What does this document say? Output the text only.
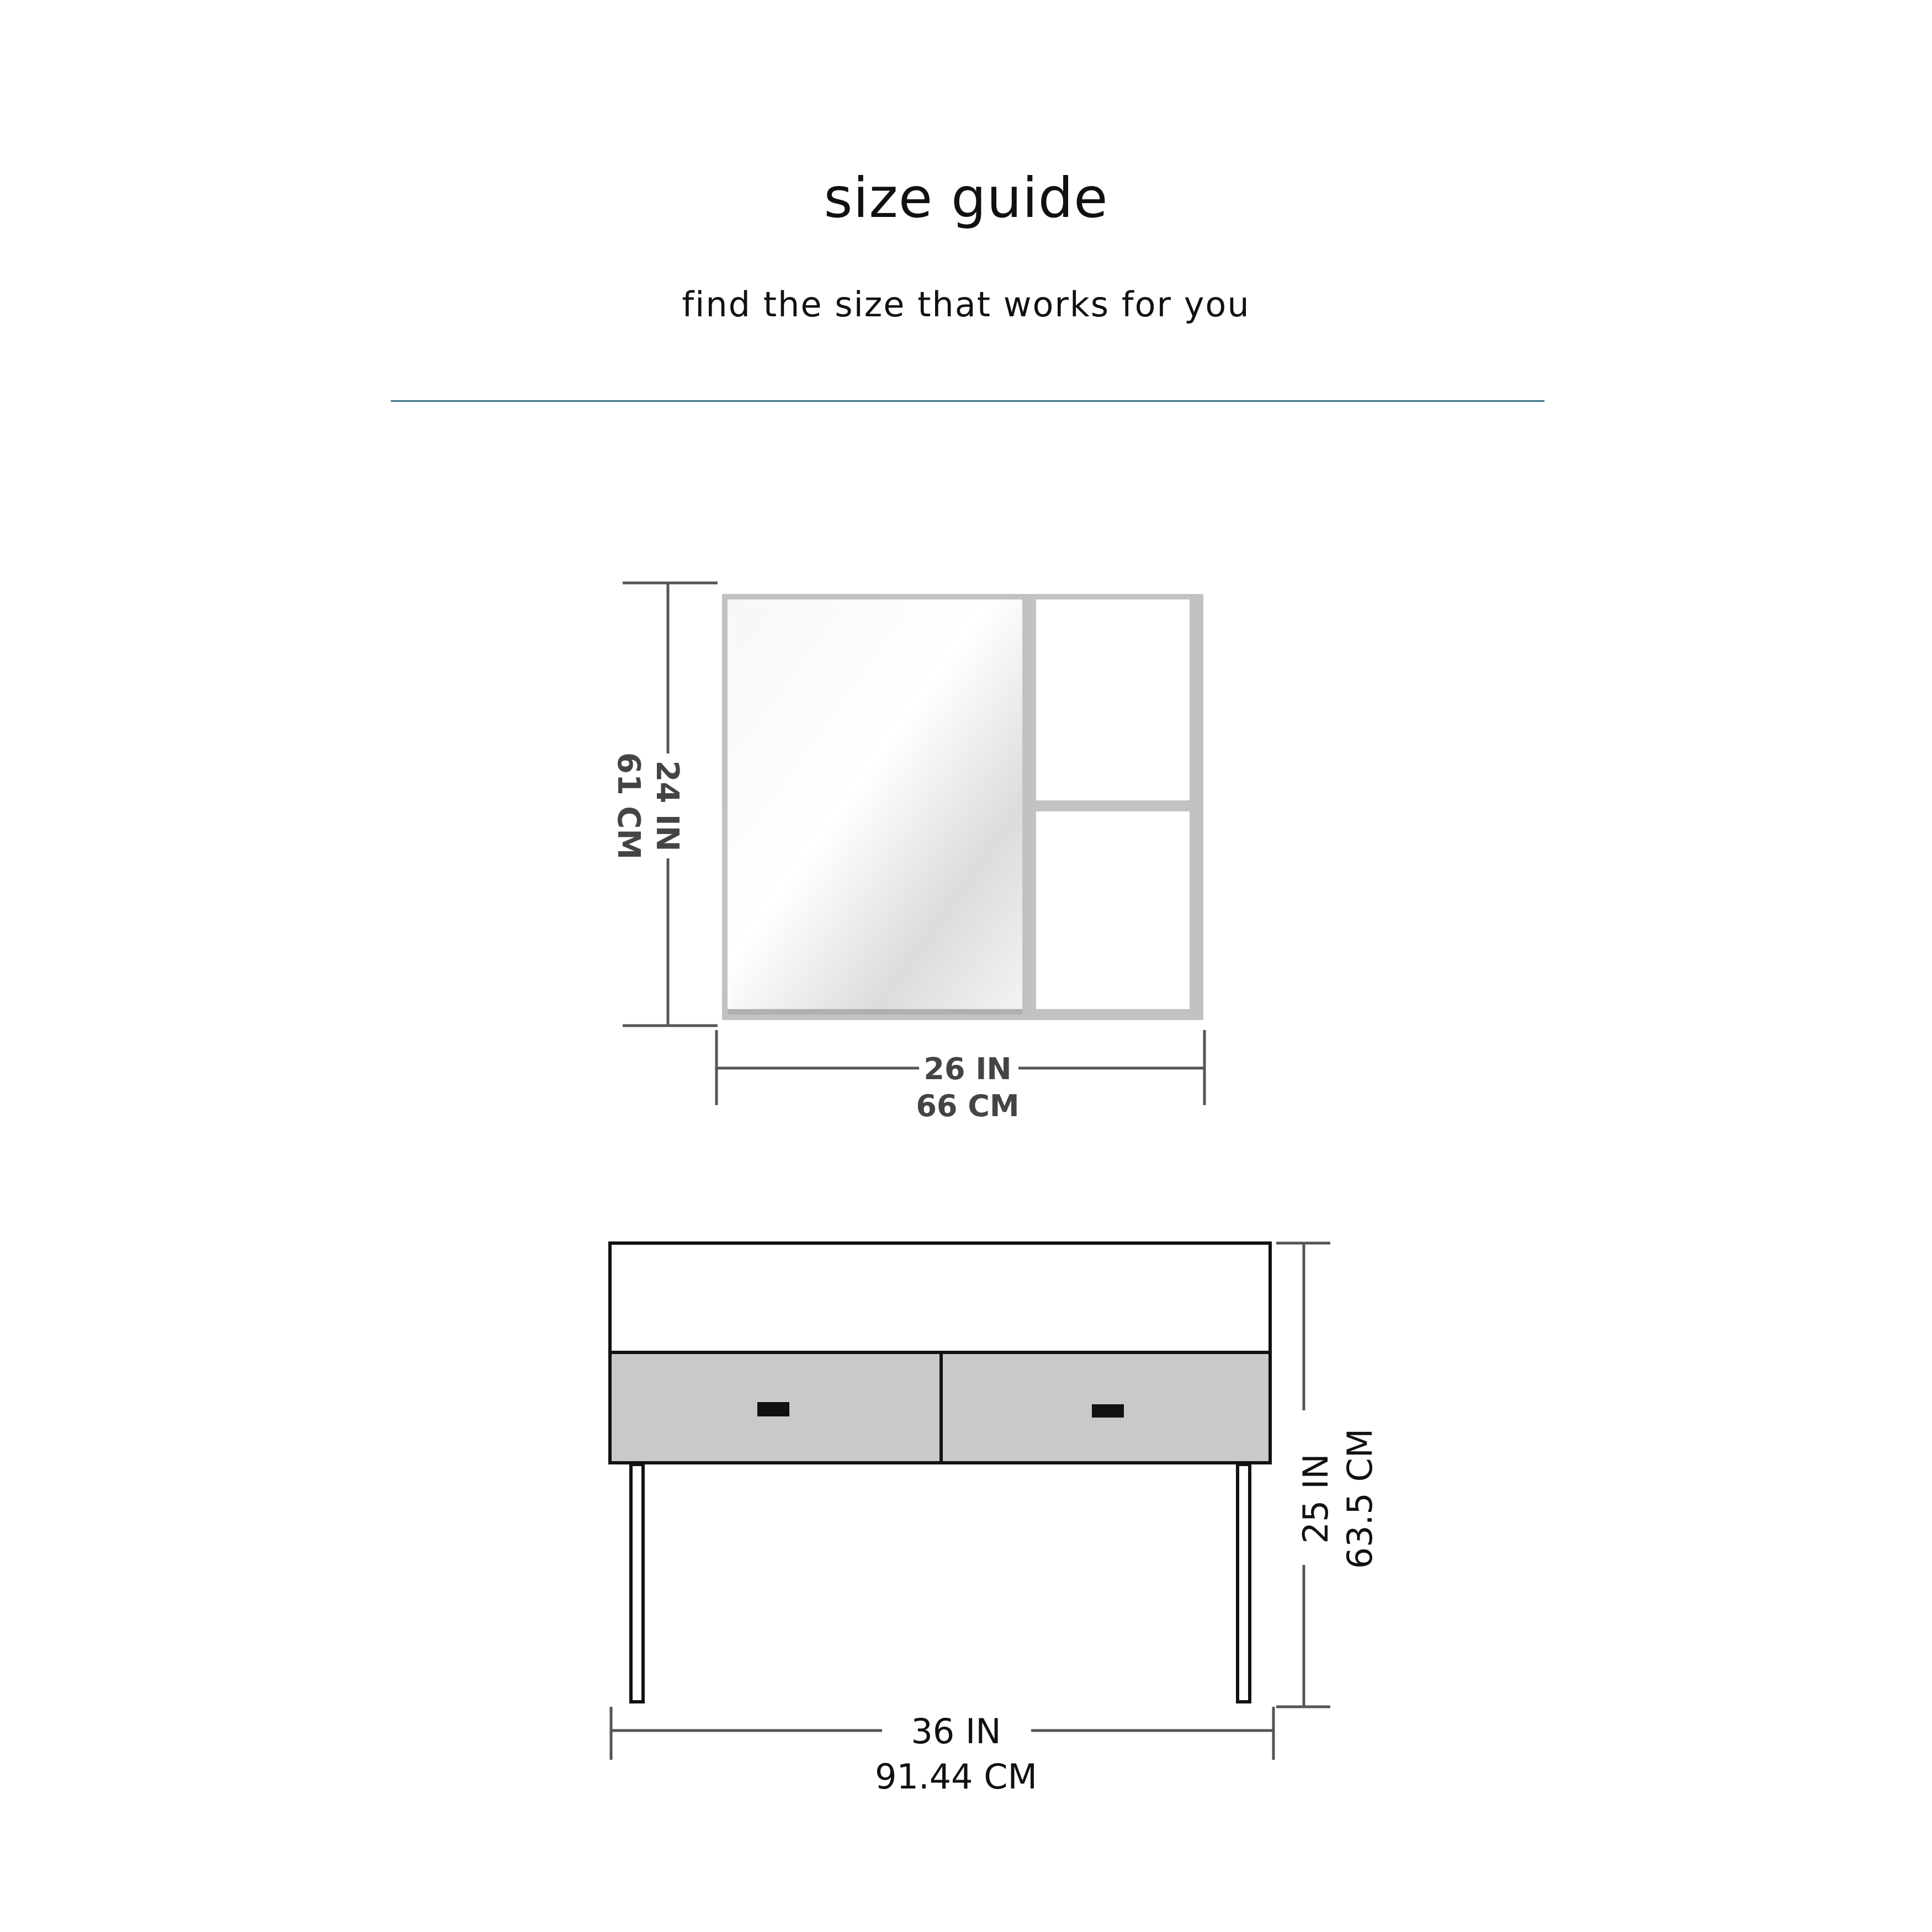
size guide
find the size that works for you
24 IN
61 CM
26 IN
66 CM
25 IN 63.5 CM
36 IN
91.44 CM
